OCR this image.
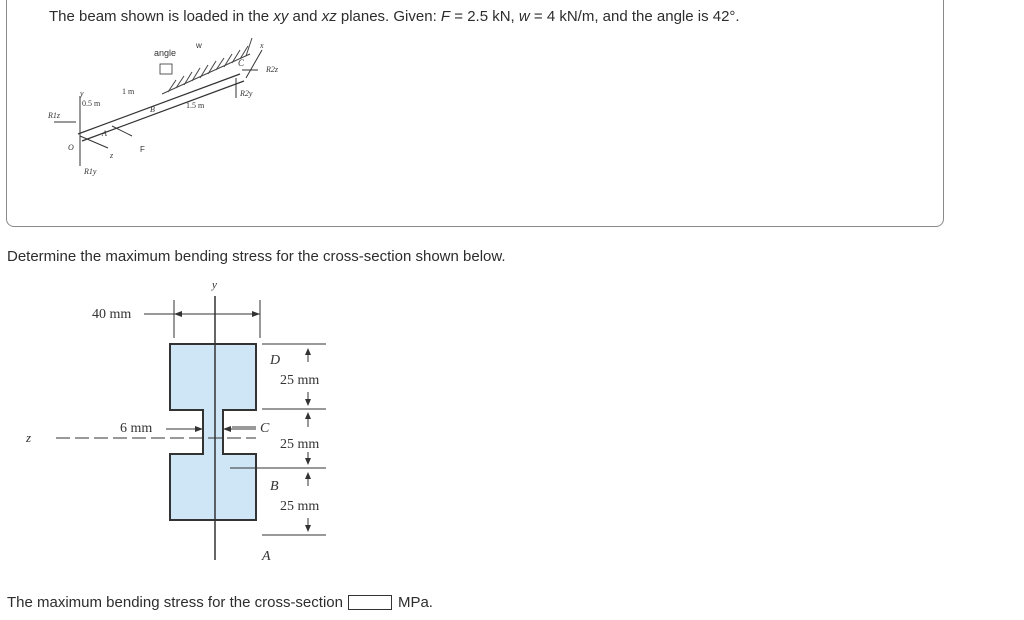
The beam shown is loaded in the xy and xz planes. Given: F = 2.5 kN, w = 4 kN/m, and the angle is 42°.
angle
w	x
C
R2z
R2y
1 m
1.5 m
0.5 m
y
B
A
O
z
F
R1z
R1y
Determine the maximum bending stress for the cross-section shown below.
y
40 mm
6 mm
z
25 mm
25 mm
25 mm
D
C
B
A
The maximum bending stress for the cross-section	MPa.
